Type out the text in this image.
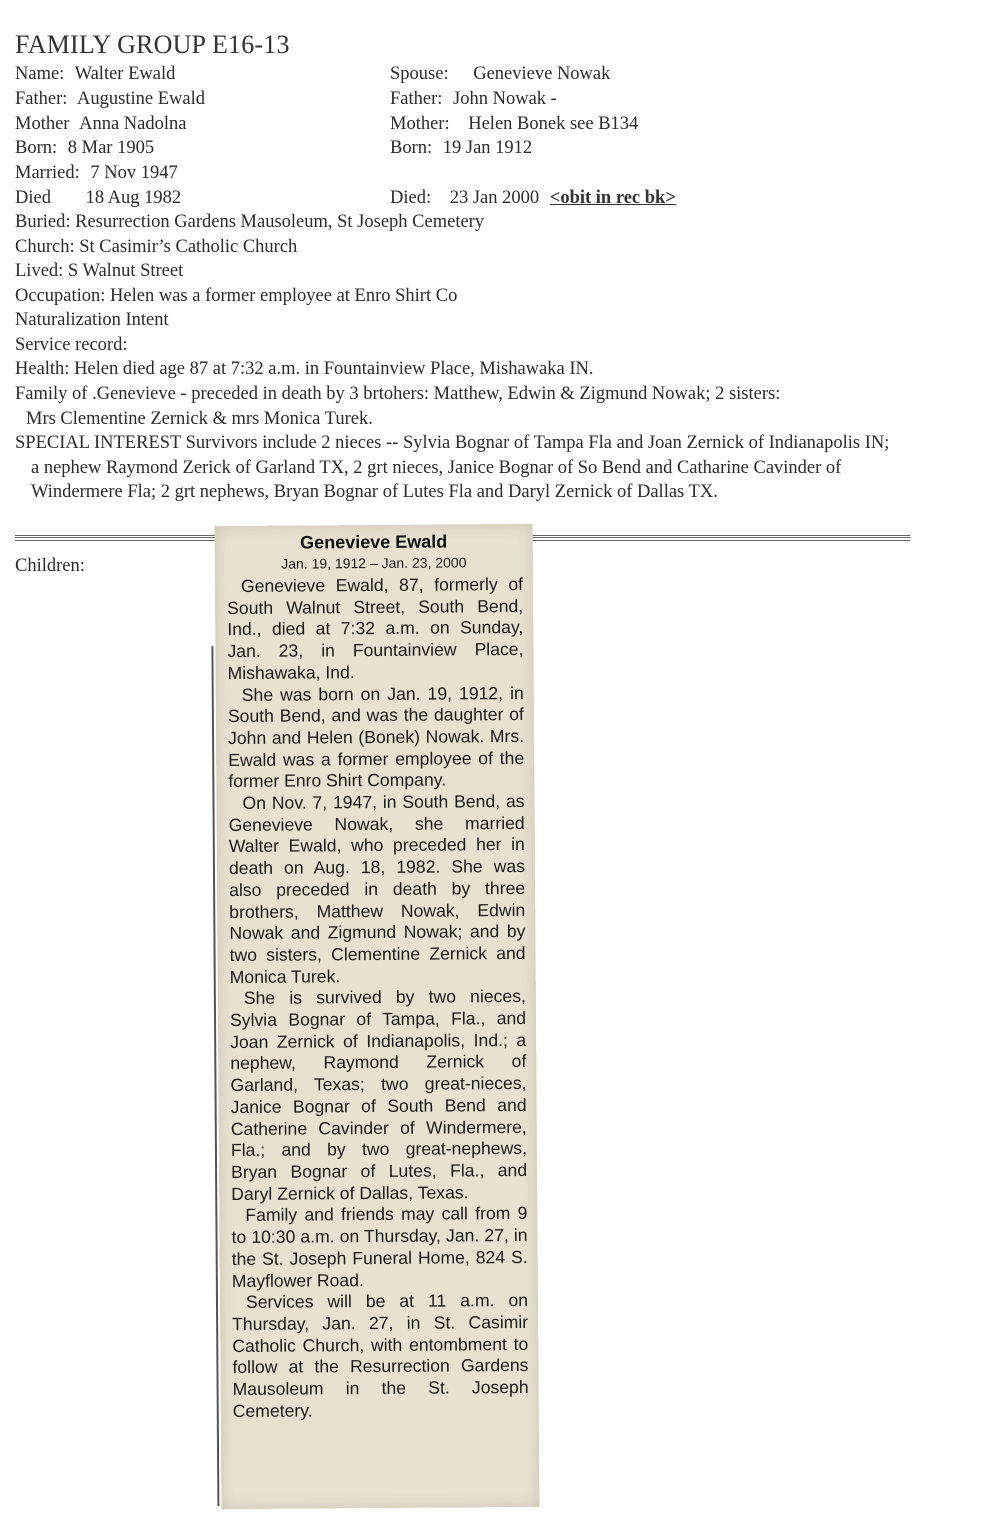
FAMILY GROUP E16-13
Name: Walter Ewald
Father: Augustine Ewald
Mother Anna Nadolna
Born: 8 Mar 1905
Married: 7 Nov 1947
Died 18 Aug 1982
Spouse: Genevieve Nowak
Father: John Nowak -
Mother: Helen Bonek see B134
Born: 19 Jan 1912
Died: 23 Jan 2000 <obit in rec bk>
Buried: Resurrection Gardens Mausoleum, St Joseph Cemetery
Church: St Casimir’s Catholic Church
Lived: S Walnut Street
Occupation: Helen was a former employee at Enro Shirt Co
Naturalization Intent
Service record:
Health: Helen died age 87 at 7:32 a.m. in Fountainview Place, Mishawaka IN.
Family of .Genevieve - preceded in death by 3 brtohers: Matthew, Edwin & Zigmund Nowak; 2 sisters:
Mrs Clementine Zernick & mrs Monica Turek.
SPECIAL INTEREST Survivors include 2 nieces -- Sylvia Bognar of Tampa Fla and Joan Zernick of Indianapolis IN; a nephew Raymond Zerick of Garland TX, 2 grt nieces, Janice Bognar of So Bend and Catharine Cavinder of Windermere Fla; 2 grt nephews, Bryan Bognar of Lutes Fla and Daryl Zernick of Dallas TX.
Children:
Genevieve Ewald
Jan. 19, 1912 – Jan. 23, 2000

Genevieve Ewald, 87, formerly of South Walnut Street, South Bend, Ind., died at 7:32 a.m. on Sunday, Jan. 23, in Fountainview Place, Mishawaka, Ind.

She was born on Jan. 19, 1912, in South Bend, and was the daughter of John and Helen (Bonek) Nowak. Mrs. Ewald was a former employee of the former Enro Shirt Company.

On Nov. 7, 1947, in South Bend, as Genevieve Nowak, she married Walter Ewald, who preceded her in death on Aug. 18, 1982. She was also preceded in death by three brothers, Matthew Nowak, Edwin Nowak and Zigmund Nowak; and by two sisters, Clementine Zernick and Monica Turek.

She is survived by two nieces, Sylvia Bognar of Tampa, Fla., and Joan Zernick of Indianapolis, Ind.; a nephew, Raymond Zernick of Garland, Texas; two great-nieces, Janice Bognar of South Bend and Catherine Cavinder of Windermere, Fla.; and by two great-nephews, Bryan Bognar of Lutes, Fla., and Daryl Zernick of Dallas, Texas.

Family and friends may call from 9 to 10:30 a.m. on Thursday, Jan. 27, in the St. Joseph Funeral Home, 824 S. Mayflower Road.

Services will be at 11 a.m. on Thursday, Jan. 27, in St. Casimir Catholic Church, with entombment to follow at the Resurrection Gardens Mausoleum in the St. Joseph Cemetery.
